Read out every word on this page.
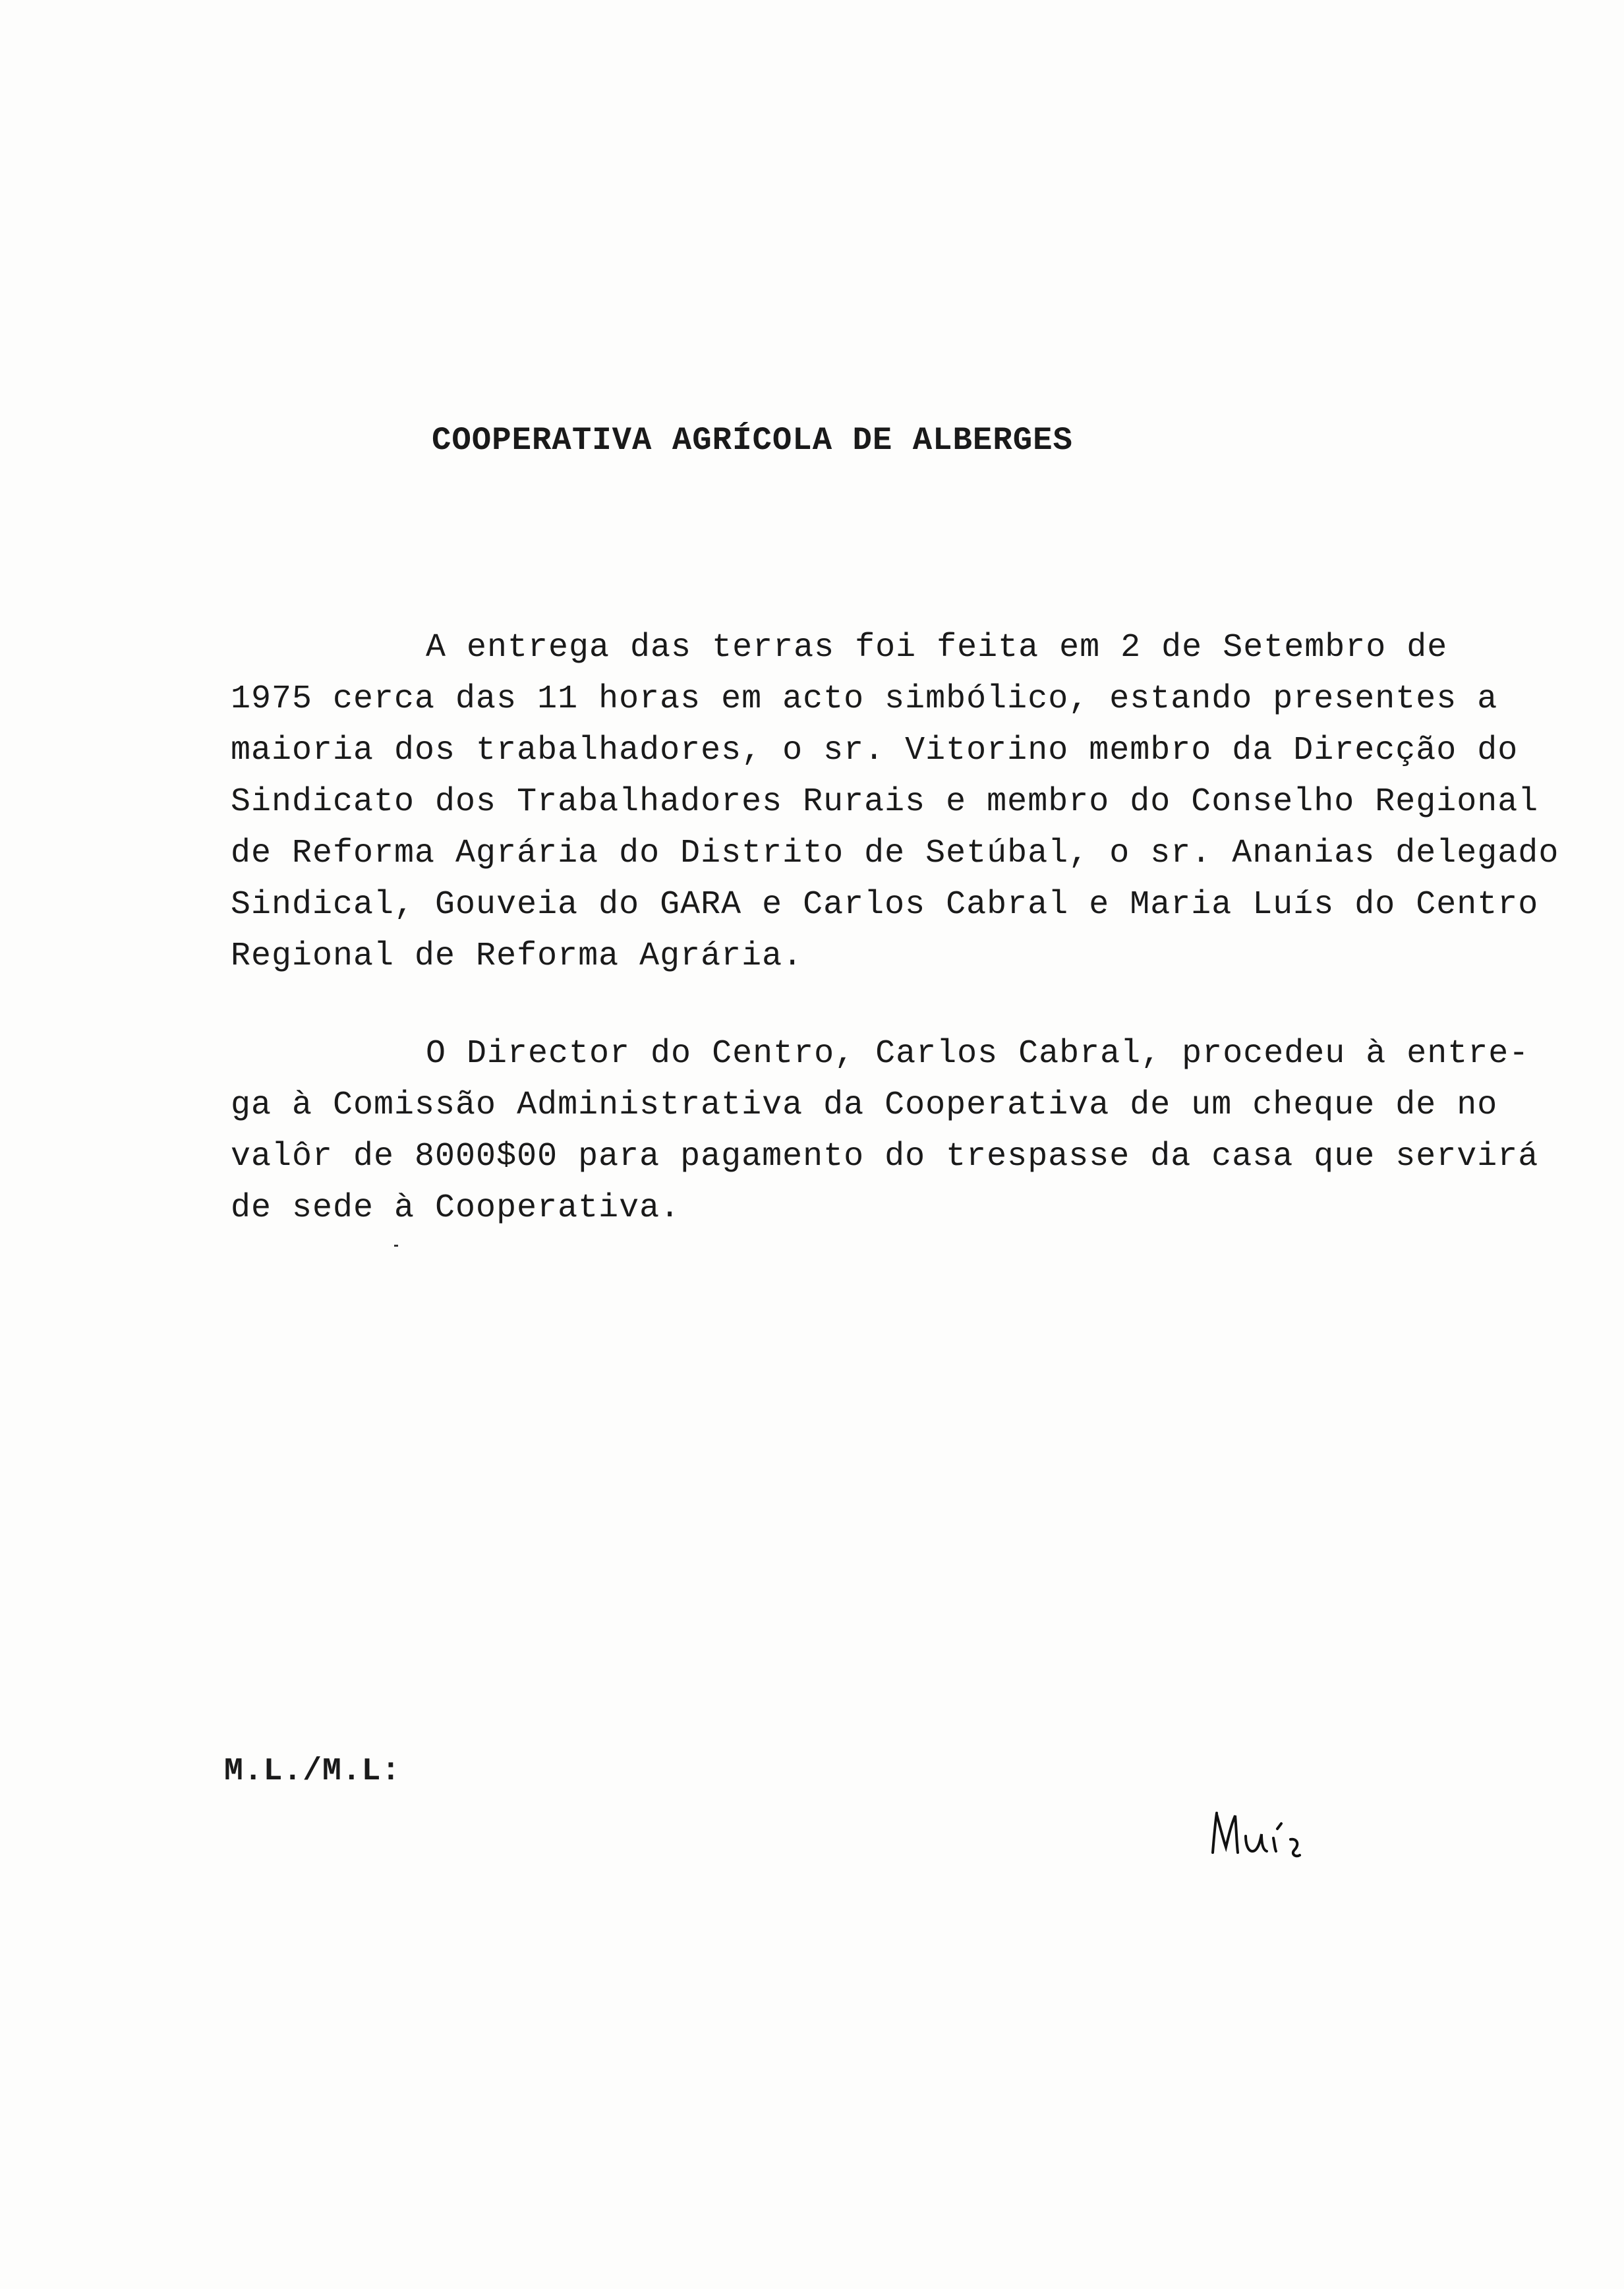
COOPERATIVA AGRÍCOLA DE ALBERGES
A entrega das terras foi feita em 2 de Setembro de
1975 cerca das 11 horas em acto simbólico, estando presentes a
maioria dos trabalhadores, o sr. Vitorino membro da Direcção do
Sindicato dos Trabalhadores Rurais e membro do Conselho Regional
de Reforma Agrária do Distrito de Setúbal, o sr. Ananias delegado
Sindical, Gouveia do GARA e Carlos Cabral e Maria Luís do Centro
Regional de Reforma Agrária.
O Director do Centro, Carlos Cabral, procedeu à entre-
ga à Comissão Administrativa da Cooperativa de um cheque de no
valôr de 8000$00 para pagamento do trespasse da casa que servirá
de sede à Cooperativa.
M.L./M.L:
